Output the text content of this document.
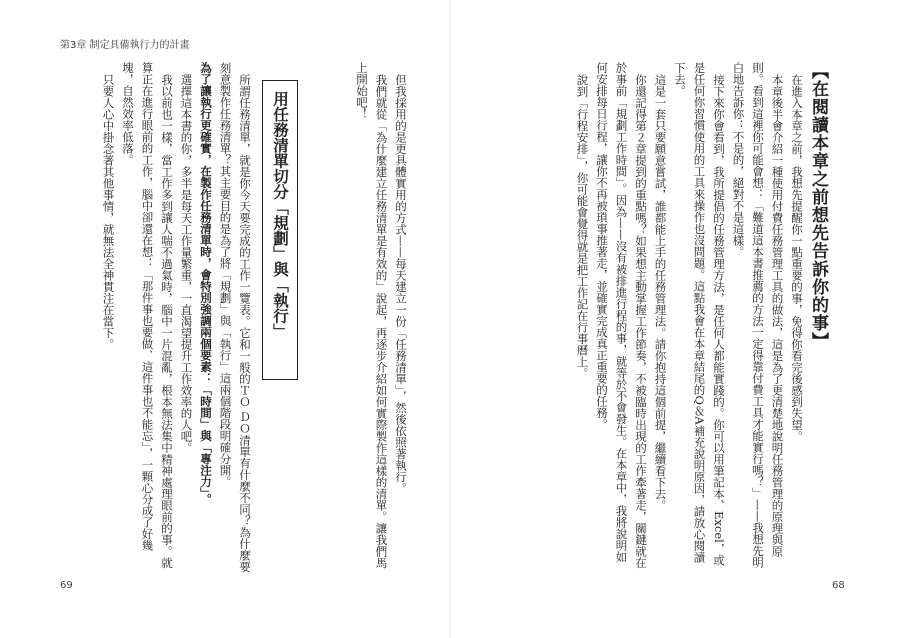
第3章 制定具備執行力的計畫
【在閱讀本章之前想先告訴你的事】

在進入本章之前，我想先提醒你一點重要的事，免得你看完後感到失望。

本章後半會介紹一種使用付費任務管理工具的做法，這是為了更清楚地說明任務管理的原理與原則。看到這裡你可能會想：「難道這本書推薦的方法一定得靠付費工具才能實行嗎？」——我想先明白地告訴你：不是的，絕對不是這樣。

接下來你會看到，我所提倡的任務管理方法，是任何人都能實踐的。你可以用筆記本、Excel，或是任何你習慣使用的工具來操作也沒問題。這點我會在本章結尾的Q＆A補充說明原因，請放心閱讀下去。

這是一套只要願意嘗試，誰都能上手的任務管理法。請你抱持這個前提，繼續看下去。

你還記得第２章提到的重點嗎？如果想主動掌握工作節奏，不被臨時出現的工作牽著走，關鍵就在於事前「規劃工作時間」。因為——沒有被排進行程的事，就等於不會發生。在本章中，我將說明如何安排每日行程，讓你不再被瑣事推著走，並確實完成真正重要的任務。

說到「行程安排」，你可能會覺得就是把工作記在行事曆上。

但我採用的是更具體實用的方式——每天建立一份「任務清單」，然後依照著執行。

我們就從「為什麼建立任務清單是有效的」說起，再逐步介紹如何實際製作這樣的清單。讓我們馬上開始吧！

用任務清單切分「規劃」與「執行」

所謂任務清單，就是你今天要完成的工作一覽表。它和一般的ＴＯ ＤＯ清單有什麼不同？為什麼要刻意製作任務清單？其主要目的是為了將「規劃」與「執行」這兩個階段明確分開。

為了讓執行更確實，在製作任務清單時，會特別強調兩個要素：「時間」與「專注力」。

選擇這本書的你，多半是每天工作量繁重，一直渴望提升工作效率的人吧。

我以前也一樣，當工作多到讓人喘不過氣時，腦中一片混亂，根本無法集中精神處理眼前的事。就算正在進行眼前的工作，腦中卻還在想：「那件事也要做、這件事也不能忘」，一顆心分成了好幾塊，自然效率低落。

只要人心中掛念著其他事情，就無法全神貫注在當下。

69	68
